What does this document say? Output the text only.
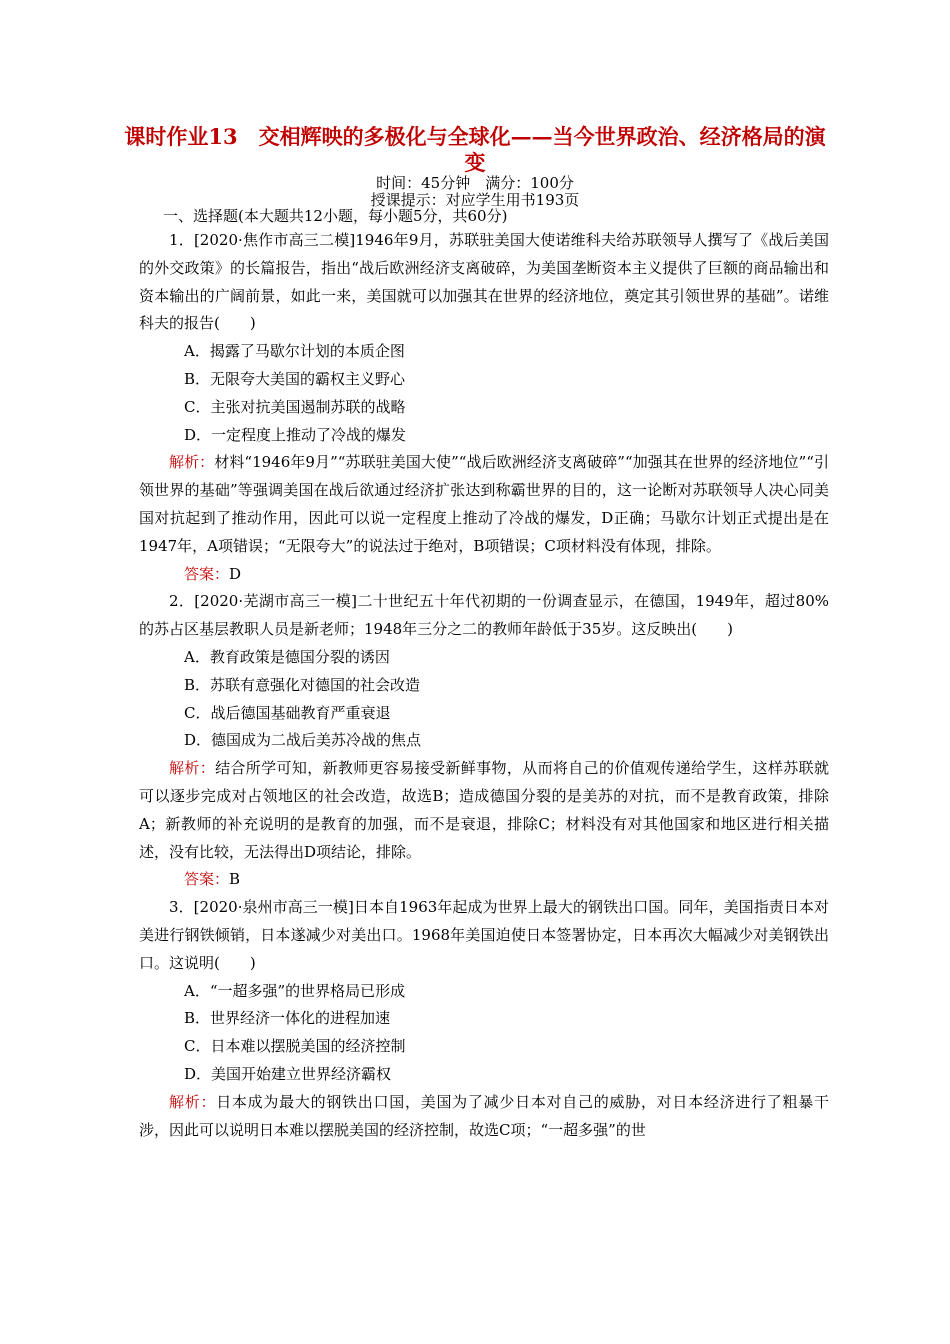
课时作业13　交相辉映的多极化与全球化——当今世界政治、经济格局的演变
时间：45分钟　满分：100分
授课提示：对应学生用书193页
一、选择题(本大题共12小题，每小题5分，共60分)

1．[2020·焦作市高三二模]1946年9月，苏联驻美国大使诺维科夫给苏联领导人撰写了《战后美国的外交政策》的长篇报告，指出“战后欧洲经济支离破碎，为美国垄断资本主义提供了巨额的商品输出和资本输出的广阔前景，如此一来，美国就可以加强其在世界的经济地位，奠定其引领世界的基础”。诺维科夫的报告(　　)

A．揭露了马歇尔计划的本质企图

B．无限夸大美国的霸权主义野心

C．主张对抗美国遏制苏联的战略

D．一定程度上推动了冷战的爆发

解析：材料“1946年9月”“苏联驻美国大使”“战后欧洲经济支离破碎”“加强其在世界的经济地位”“引领世界的基础”等强调美国在战后欲通过经济扩张达到称霸世界的目的，这一论断对苏联领导人决心同美国对抗起到了推动作用，因此可以说一定程度上推动了冷战的爆发，D正确；马歇尔计划正式提出是在1947年，A项错误；“无限夸大”的说法过于绝对，B项错误；C项材料没有体现，排除。

答案：D

2．[2020·芜湖市高三一模]二十世纪五十年代初期的一份调查显示，在德国，1949年，超过80%的苏占区基层教职人员是新老师；1948年三分之二的教师年龄低于35岁。这反映出(　　)

A．教育政策是德国分裂的诱因

B．苏联有意强化对德国的社会改造

C．战后德国基础教育严重衰退

D．德国成为二战后美苏冷战的焦点

解析：结合所学可知，新教师更容易接受新鲜事物，从而将自己的价值观传递给学生，这样苏联就可以逐步完成对占领地区的社会改造，故选B；造成德国分裂的是美苏的对抗，而不是教育政策，排除A；新教师的补充说明的是教育的加强，而不是衰退，排除C；材料没有对其他国家和地区进行相关描述，没有比较，无法得出D项结论，排除。

答案：B

3．[2020·泉州市高三一模]日本自1963年起成为世界上最大的钢铁出口国。同年，美国指责日本对美进行钢铁倾销，日本遂减少对美出口。1968年美国迫使日本签署协定，日本再次大幅减少对美钢铁出口。这说明(　　)

A．“一超多强”的世界格局已形成

B．世界经济一体化的进程加速

C．日本难以摆脱美国的经济控制

D．美国开始建立世界经济霸权

解析：日本成为最大的钢铁出口国，美国为了减少日本对自己的威胁，对日本经济进行了粗暴干涉，因此可以说明日本难以摆脱美国的经济控制，故选C项；“一超多强”的世
